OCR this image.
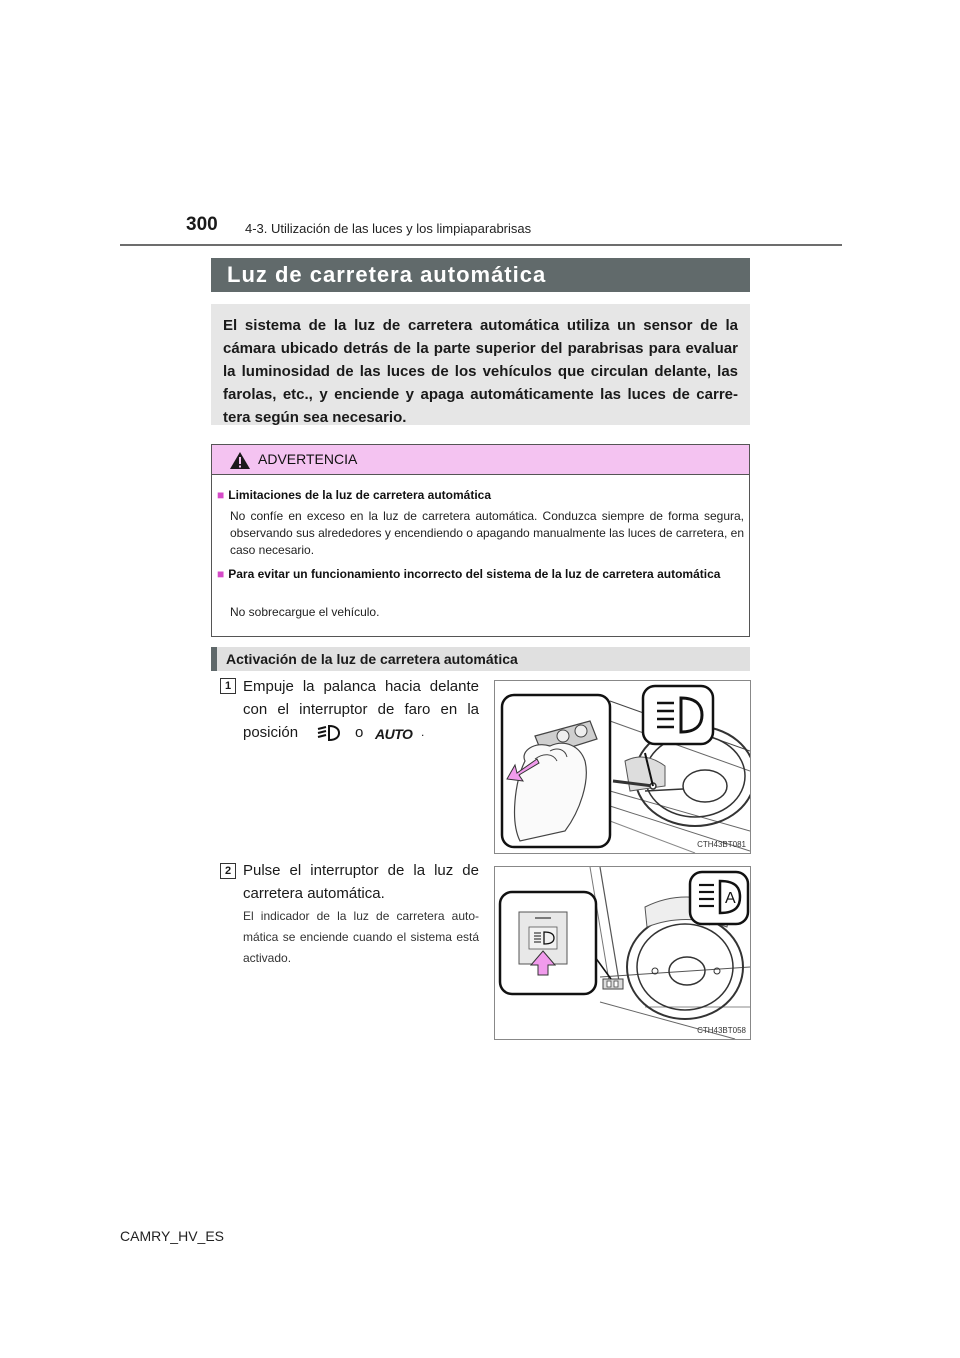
300 4-3. Utilización de las luces y los limpiaparabrisas
Luz de carretera automática
El sistema de la luz de carretera automática utiliza un sensor de la cámara ubicado detrás de la parte superior del parabrisas para evaluar la luminosidad de las luces de los vehículos que circulan delante, las farolas, etc., y enciende y apaga automáticamente las luces de carre-tera según sea necesario.
ADVERTENCIA
■ Limitaciones de la luz de carretera automática
No confíe en exceso en la luz de carretera automática. Conduzca siempre de forma segura, observando sus alrededores y encendiendo o apagando manualmente las luces de carretera, en caso necesario.
■ Para evitar un funcionamiento incorrecto del sistema de la luz de carretera automática
No sobrecargue el vehículo.
Activación de la luz de carretera automática
1 Empuje la palanca hacia delante
con el interruptor de faro en la
posición	o AUTO .
CTH43BT081
2 Pulse el interruptor de la luz de carretera automática.
El indicador de la luz de carretera auto-mática se enciende cuando el sistema está activado.
A
CTH43BT058
CAMRY_HV_ES
